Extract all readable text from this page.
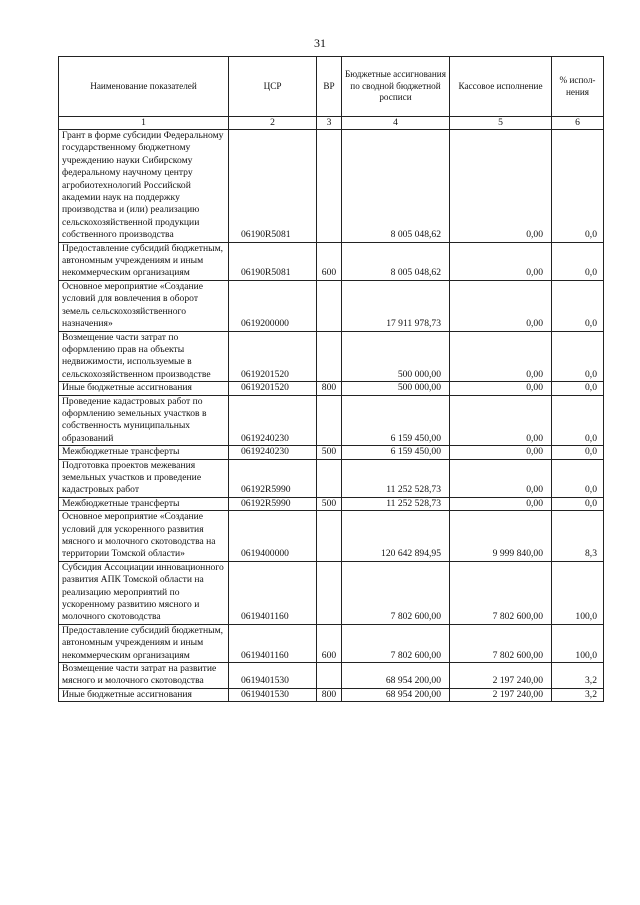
31
Наименование показателей	ЦСР	ВР	Бюджетные ассигнования по сводной бюджетной росписи	Кассовое исполнение	% испол-нения
1	2	3	4	5	6
Грант в форме субсидии Федеральному государственному бюджетному учреждению науки Сибирскому федеральному научному центру агробиотехнологий Российской академии наук на поддержку производства и (или) реализацию сельскохозяйственной продукции собственного производства	06190R5081		8 005 048,62	0,00	0,0
Предоставление субсидий бюджетным, автономным учреждениям и иным некоммерческим организациям	06190R5081	600	8 005 048,62	0,00	0,0
Основное мероприятие «Создание условий для вовлечения в оборот земель сельскохозяйственного назначения»	0619200000		17 911 978,73	0,00	0,0
Возмещение части затрат по оформлению прав на объекты недвижимости, используемые в сельскохозяйственном производстве	0619201520		500 000,00	0,00	0,0
Иные бюджетные ассигнования	0619201520	800	500 000,00	0,00	0,0
Проведение кадастровых работ по оформлению земельных участков в собственность муниципальных образований	0619240230		6 159 450,00	0,00	0,0
Межбюджетные трансферты	0619240230	500	6 159 450,00	0,00	0,0
Подготовка проектов межевания земельных участков и проведение кадастровых работ	06192R5990		11 252 528,73	0,00	0,0
Межбюджетные трансферты	06192R5990	500	11 252 528,73	0,00	0,0
Основное мероприятие «Создание условий для ускоренного развития мясного и молочного скотоводства на территории Томской области»	0619400000		120 642 894,95	9 999 840,00	8,3
Субсидия Ассоциации инновационного развития АПК Томской области на реализацию мероприятий по ускоренному развитию мясного и молочного скотоводства	0619401160		7 802 600,00	7 802 600,00	100,0
Предоставление субсидий бюджетным, автономным учреждениям и иным некоммерческим организациям	0619401160	600	7 802 600,00	7 802 600,00	100,0
Возмещение части затрат на развитие мясного и молочного скотоводства	0619401530		68 954 200,00	2 197 240,00	3,2
Иные бюджетные ассигнования	0619401530	800	68 954 200,00	2 197 240,00	3,2
